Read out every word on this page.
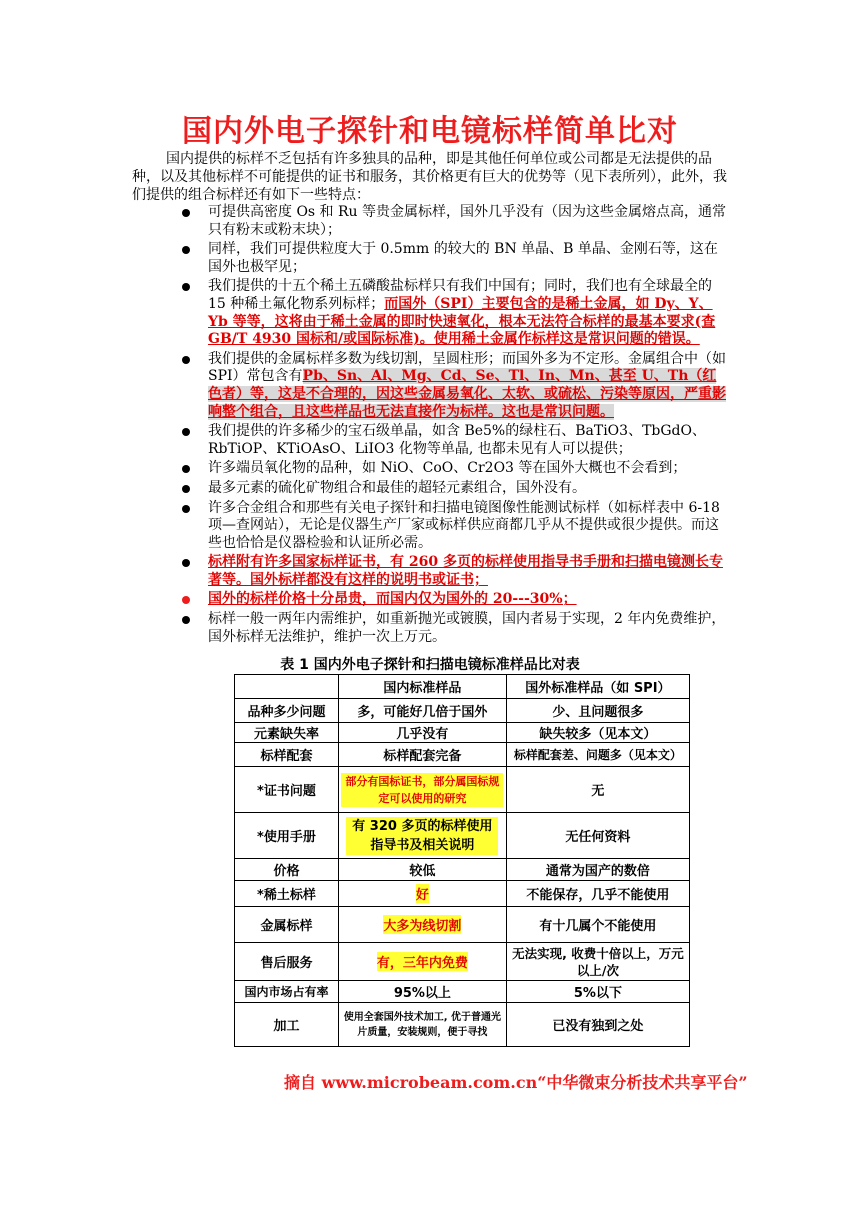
国内外电子探针和电镜标样简单比对

国内提供的标样不乏包括有许多独具的品种，即是其他任何单位或公司都是无法提供的品种，以及其他标样不可能提供的证书和服务，其价格更有巨大的优势等（见下表所列），此外，我们提供的组合标样还有如下一些特点：

可提供高密度 Os 和 Ru 等贵金属标样，国外几乎没有（因为这些金属熔点高，通常只有粉末或粉末块）；
同样，我们可提供粒度大于 0.5mm 的较大的 BN 单晶、B 单晶、金刚石等，这在国外也极罕见；
我们提供的十五个稀土五磷酸盐标样只有我们中国有；同时，我们也有全球最全的 15 种稀土氟化物系列标样；而国外（SPI）主要包含的是稀土金属，如 Dy、Y、Yb 等等，这将由于稀土金属的即时快速氧化，根本无法符合标样的最基本要求(查 GB/T 4930 国标和/或国际标准)。使用稀土金属作标样这是常识问题的错误。
我们提供的金属标样多数为线切割，呈圆柱形；而国外多为不定形。金属组合中（如 SPI）常包含有Pb、Sn、Al、Mg、Cd、Se、Tl、In、Mn、甚至 U、Th（红色者）等，这是不合理的，因这些金属易氧化、太软、或硫松、污染等原因，严重影响整个组合，且这些样品也无法直接作为标样。这也是常识问题。
我们提供的许多稀少的宝石级单晶，如含 Be5%的绿柱石、BaTiO3、TbGdO、RbTiOP、KTiOAsO、LiIO3 化物等单晶, 也都未见有人可以提供；
许多端员氧化物的品种，如 NiO、CoO、Cr2O3 等在国外大概也不会看到；
最多元素的硫化矿物组合和最佳的超轻元素组合，国外没有。
许多合金组合和那些有关电子探针和扫描电镜图像性能测试标样（如标样表中 6-18 项—查网站），无论是仪器生产厂家或标样供应商都几乎从不提供或很少提供。而这些也恰恰是仪器检验和认证所必需。
标样附有许多国家标样证书，有 260 多页的标样使用指导书手册和扫描电镜测长专著等。国外标样都没有这样的说明书或证书；
国外的标样价格十分昂贵，而国内仅为国外的 20---30%；
标样一般一两年内需维护，如重新抛光或镀膜，国内者易于实现，2 年内免费维护，国外标样无法维护，维护一次上万元。
表 1 国内外电子探针和扫描电镜标准样品比对表
	国内标准样品	国外标准样品（如 SPI）
品种多少问题	多，可能好几倍于国外	少、且问题很多
元素缺失率	几乎没有	缺失较多（见本文）
标样配套	标样配套完备	标样配套差、问题多（见本文）
*证书问题	部分有国标证书，部分属国标规定可以使用的研究	无
*使用手册	有 320 多页的标样使用指导书及相关说明	无任何资料
价格	较低	通常为国产的数倍
*稀土标样	好	不能保存，几乎不能使用
金属标样	大多为线切割	有十几属个不能使用
售后服务	有，三年内免费	无法实现, 收费十倍以上，万元以上/次
国内市场占有率	95%以上	5%以下
加工	使用全套国外技术加工, 优于普通光片质量，安装规则，便于寻找	已没有独到之处
摘自 www.microbeam.com.cn“中华微束分析技术共享平台”
